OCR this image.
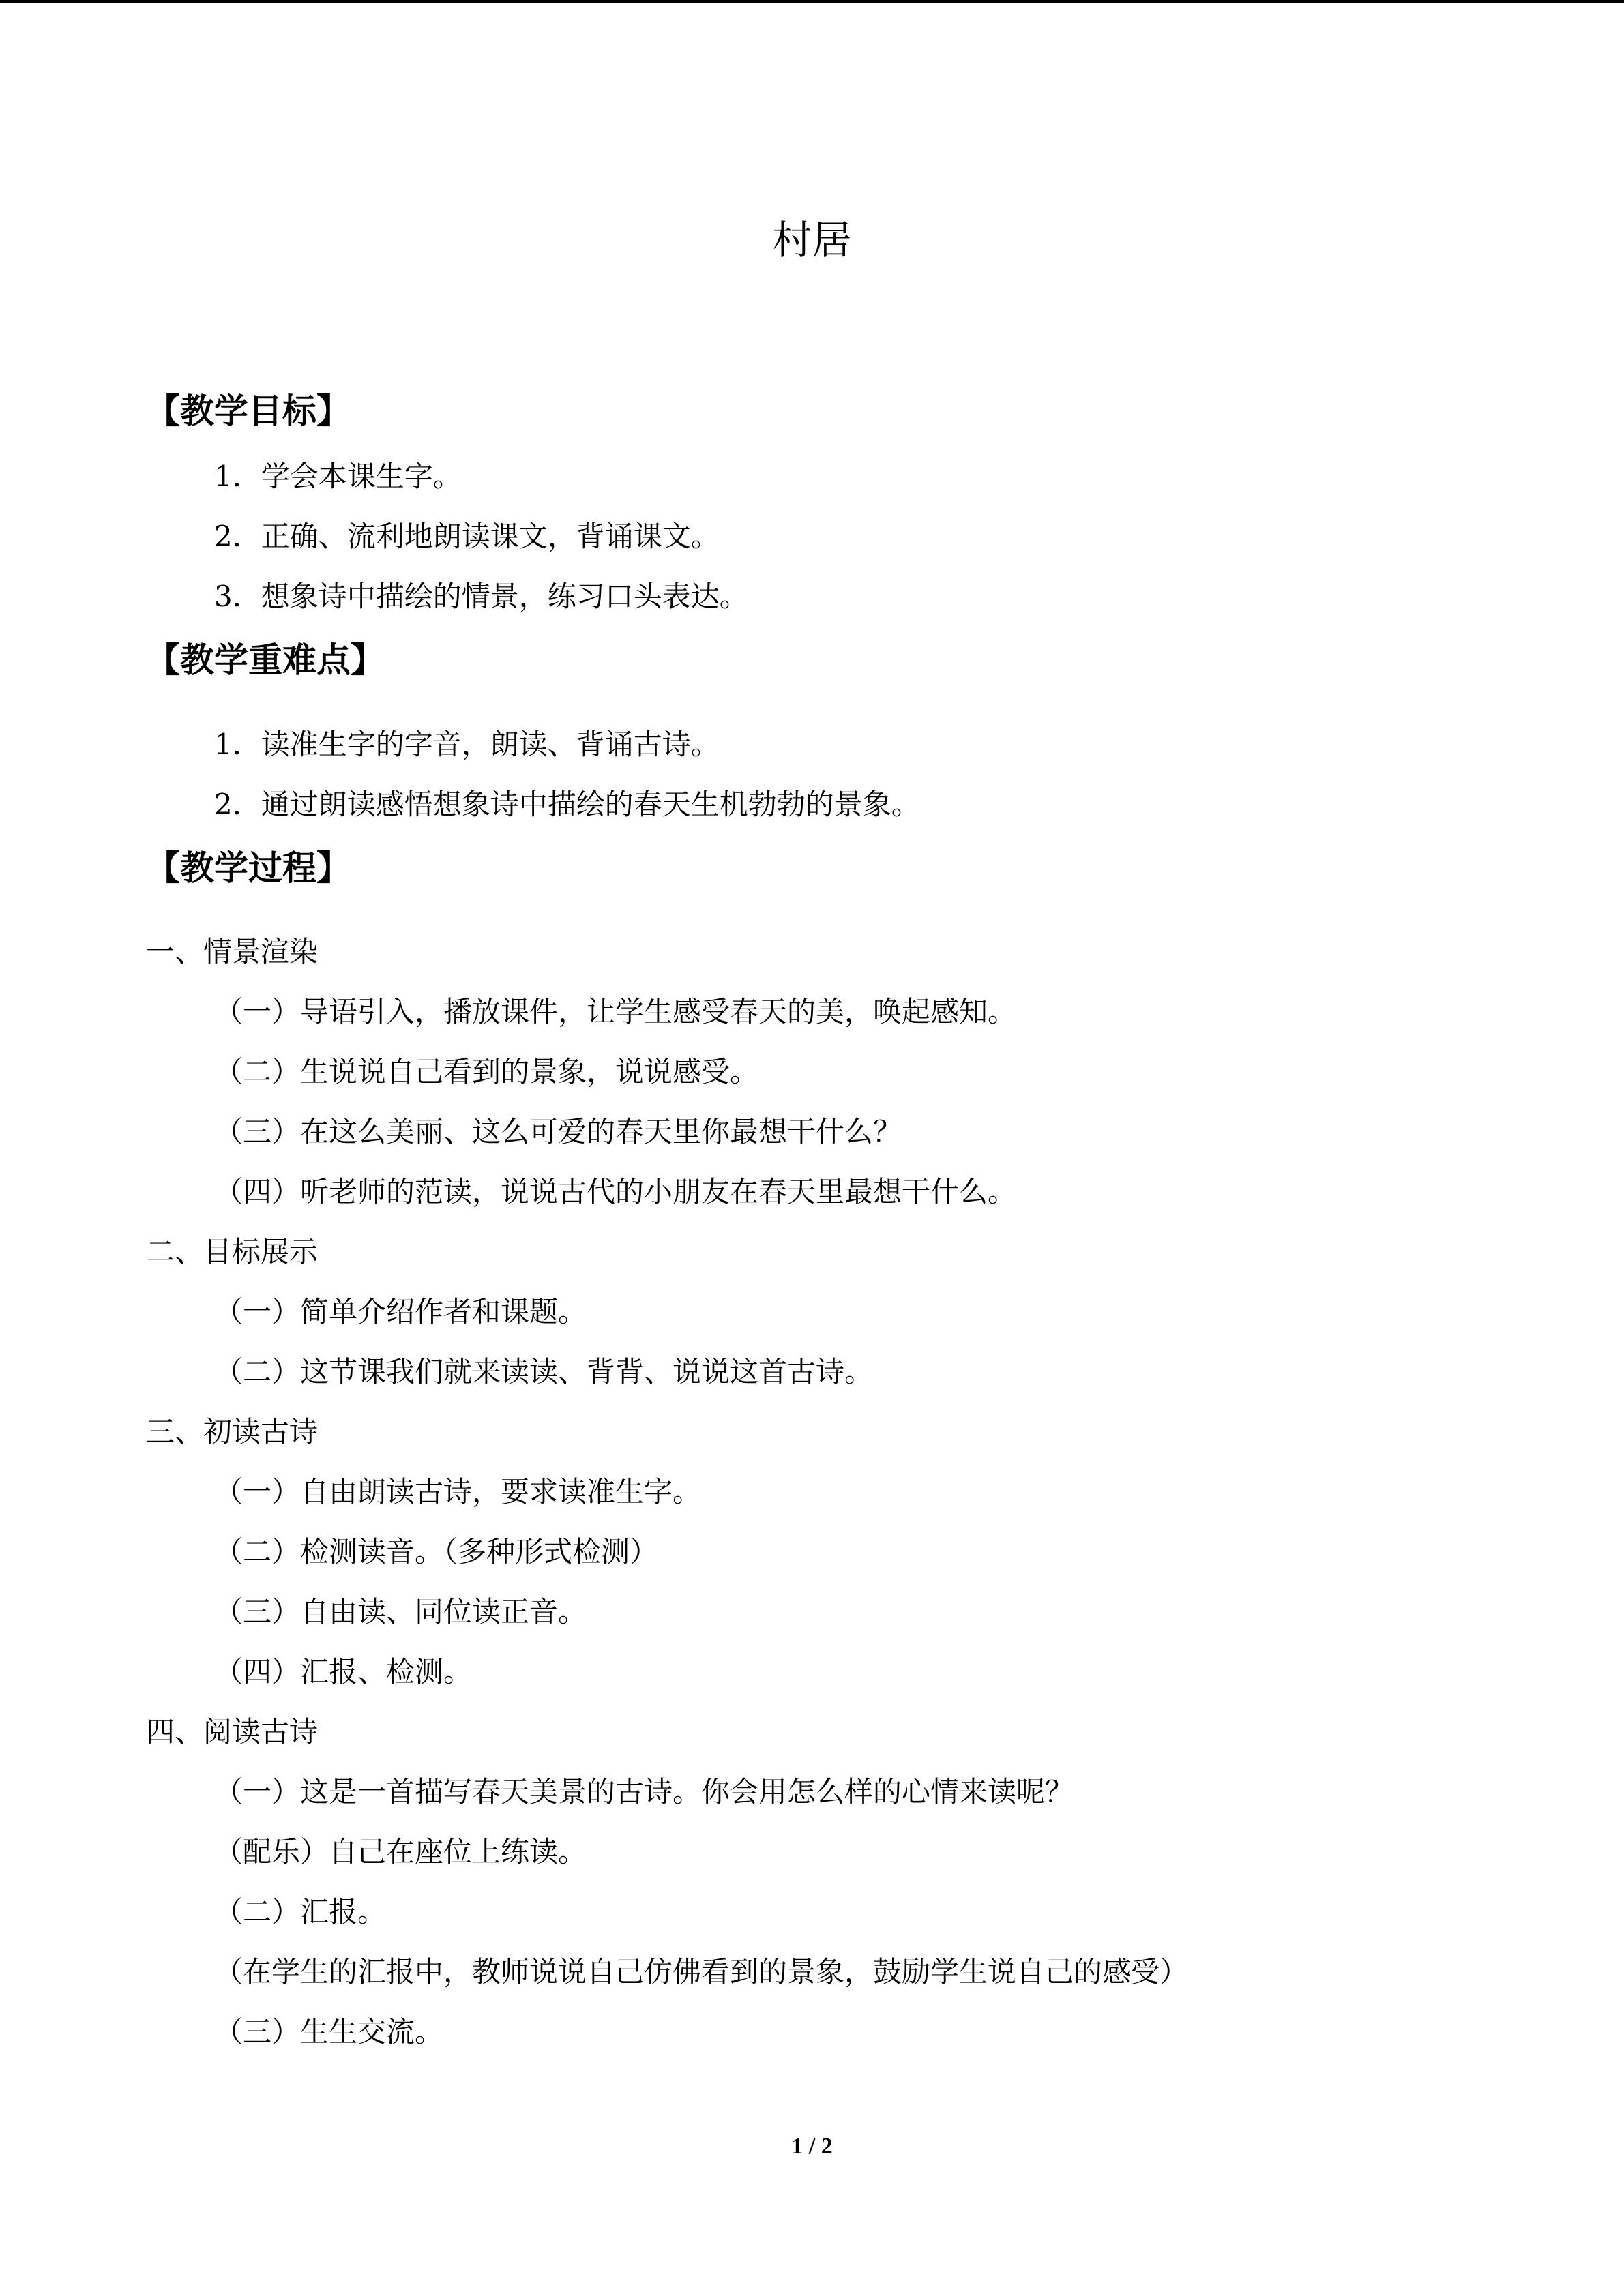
村居
【教学目标】
1．学会本课生字。
2．正确、流利地朗读课文，背诵课文。
3．想象诗中描绘的情景，练习口头表达。
【教学重难点】
1．读准生字的字音，朗读、背诵古诗。
2．通过朗读感悟想象诗中描绘的春天生机勃勃的景象。
【教学过程】
一、情景渲染
（一）导语引入，播放课件，让学生感受春天的美，唤起感知。
（二）生说说自己看到的景象，说说感受。
（三）在这么美丽、这么可爱的春天里你最想干什么？
（四）听老师的范读，说说古代的小朋友在春天里最想干什么。
二、目标展示
（一）简单介绍作者和课题。
（二）这节课我们就来读读、背背、说说这首古诗。
三、初读古诗
（一）自由朗读古诗，要求读准生字。
（二）检测读音。（多种形式检测）
（三）自由读、同位读正音。
（四）汇报、检测。
四、阅读古诗
（一）这是一首描写春天美景的古诗。你会用怎么样的心情来读呢？
（配乐）自己在座位上练读。
（二）汇报。
（在学生的汇报中，教师说说自己仿佛看到的景象，鼓励学生说自己的感受）
（三）生生交流。
1 / 2
